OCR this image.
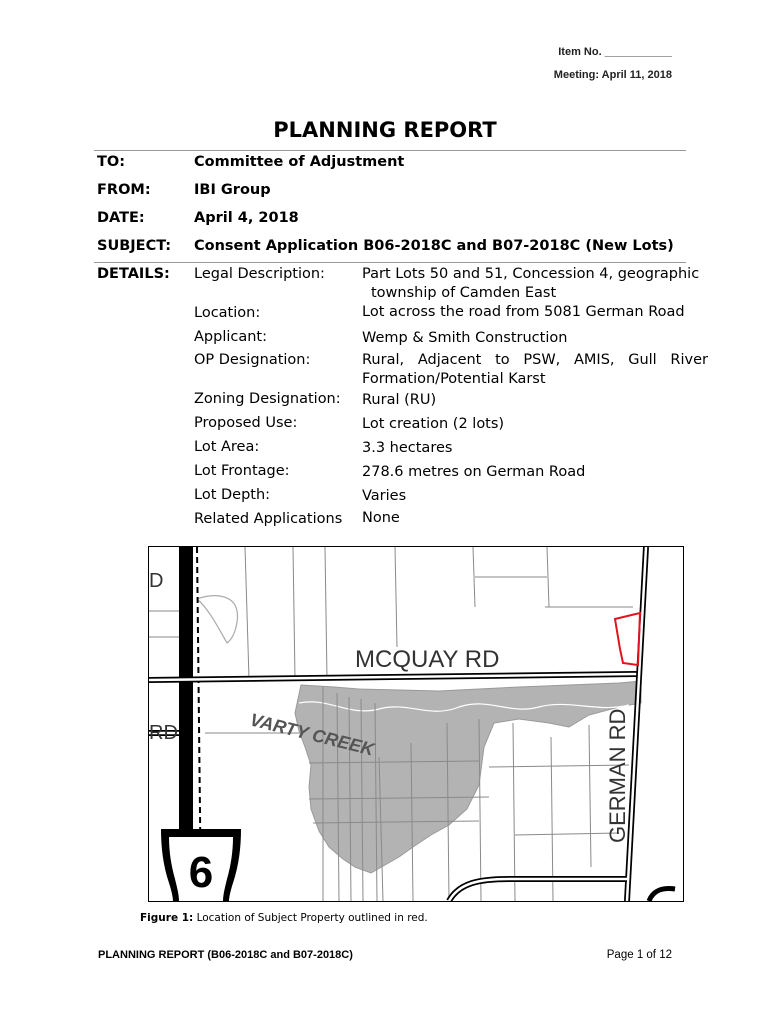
Item No. ___________
Meeting: April 11, 2018
PLANNING REPORT
TO:	Committee of Adjustment
FROM:	IBI Group
DATE:	April 4, 2018
SUBJECT: Consent Application B06-2018C and B07-2018C (New Lots)
DETAILS: Legal Description:	Part Lots 50 and 51, Concession 4, geographic
township of Camden East
Location:	Lot across the road from 5081 German Road
Applicant:	Wemp & Smith Construction
OP Designation:	Rural, Adjacent to PSW, AMIS, Gull River Formation/Potential Karst
Zoning Designation: Rural (RU)
Proposed Use:	Lot creation (2 lots)
Lot Area:	3.3 hectares
Lot Frontage:	278.6 metres on German Road
Lot Depth:	Varies
Related Applications None
MCQUAY RD
VARTY CREEK	GERMAN RD
RD
D
6
Figure 1: Location of Subject Property outlined in red.
PLANNING REPORT (B06-2018C and B07-2018C)	Page 1 of 12
